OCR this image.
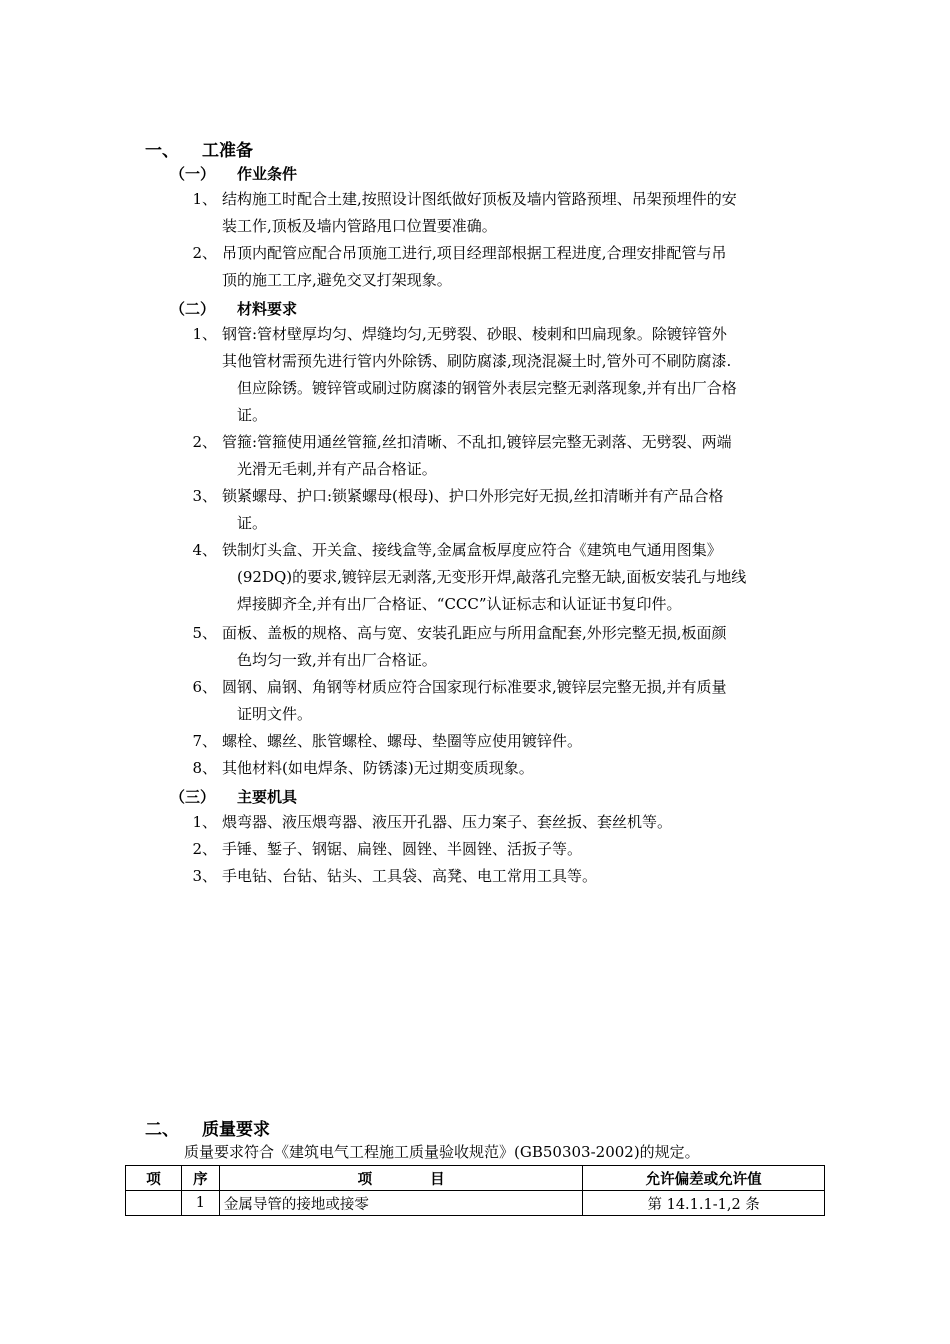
一、 工准备
（一） 作业条件
1、 结构施工时配合土建,按照设计图纸做好顶板及墙内管路预埋、吊架预埋件的安
装工作,顶板及墙内管路甩口位置要准确。
2、 吊顶内配管应配合吊顶施工进行,项目经理部根据工程进度,合理安排配管与吊
顶的施工工序,避免交叉打架现象。
（二） 材料要求
1、 钢管:管材壁厚均匀、焊缝均匀,无劈裂、砂眼、棱刺和凹扁现象。除镀锌管外
其他管材需预先进行管内外除锈、刷防腐漆,现浇混凝土时,管外可不刷防腐漆.
但应除锈。镀锌管或刷过防腐漆的钢管外表层完整无剥落现象,并有出厂合格
证。
2、 管箍:管箍使用通丝管箍,丝扣清晰、不乱扣,镀锌层完整无剥落、无劈裂、两端
光滑无毛刺,并有产品合格证。
3、 锁紧螺母、护口:锁紧螺母(根母)、护口外形完好无损,丝扣清晰并有产品合格
证。
4、 铁制灯头盒、开关盒、接线盒等,金属盒板厚度应符合《建筑电气通用图集》
(92DQ)的要求,镀锌层无剥落,无变形开焊,敲落孔完整无缺,面板安装孔与地线
焊接脚齐全,并有出厂合格证、“CCC”认证标志和认证证书复印件。
5、 面板、盖板的规格、高与宽、安装孔距应与所用盒配套,外形完整无损,板面颜
色均匀一致,并有出厂合格证。
6、 圆钢、扁钢、角钢等材质应符合国家现行标准要求,镀锌层完整无损,并有质量
证明文件。
7、 螺栓、螺丝、胀管螺栓、螺母、垫圈等应使用镀锌件。
8、 其他材料(如电焊条、防锈漆)无过期变质现象。
（三） 主要机具
1、 煨弯器、液压煨弯器、液压开孔器、压力案子、套丝扳、套丝机等。
2、 手锤、錾子、钢锯、扁锉、圆锉、半圆锉、活扳子等。
3、 手电钻、台钻、钻头、工具袋、高凳、电工常用工具等。
二、 质量要求
质量要求符合《建筑电气工程施工质量验收规范》(GB50303-2002)的规定。
项	序	项　　　　目	允许偏差或允许值
	1	金属导管的接地或接零	第 14.1.1-1,2 条
